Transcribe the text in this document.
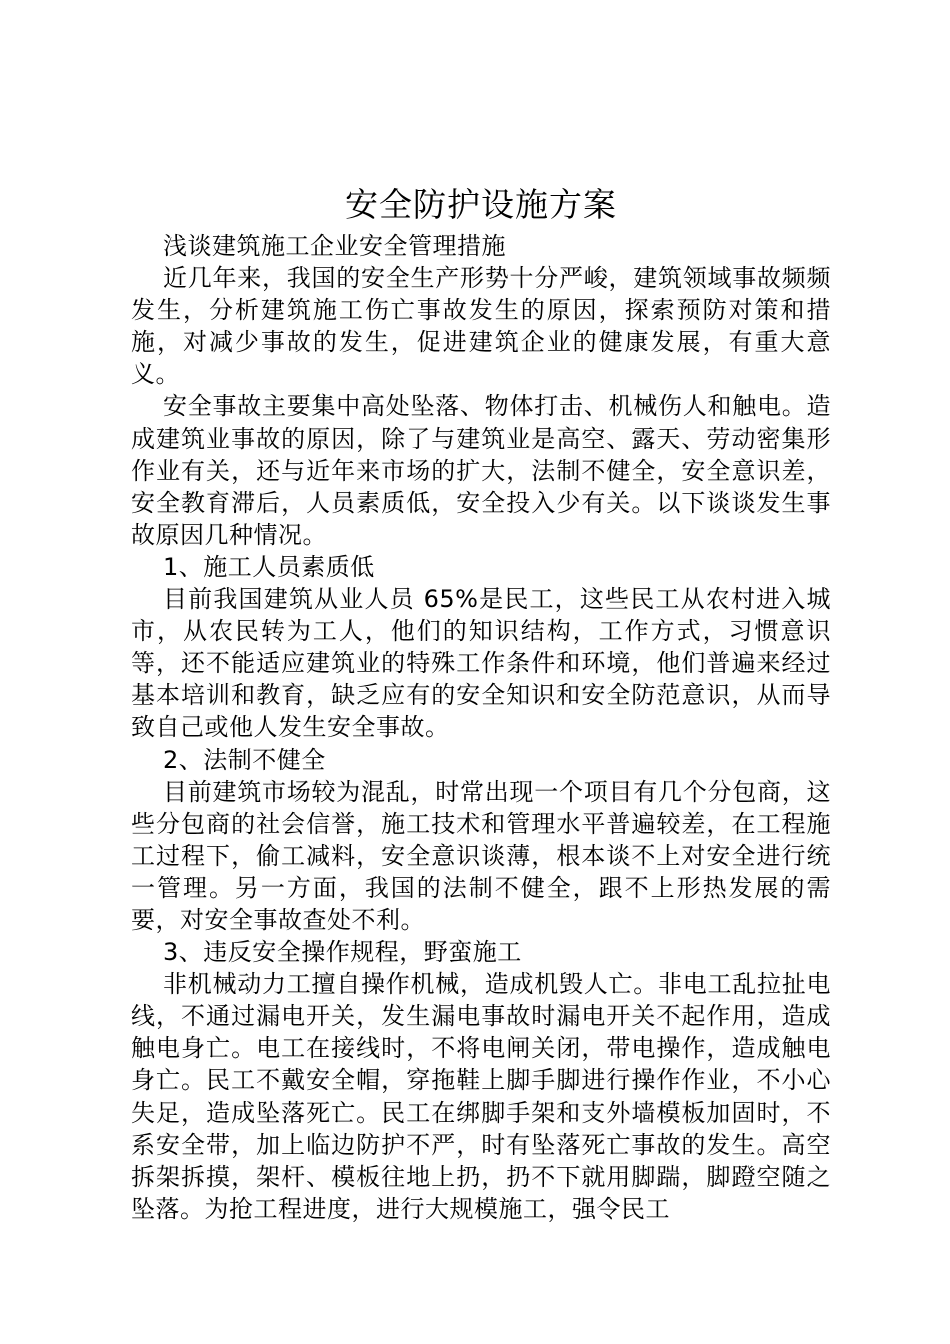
安全防护设施方案

浅谈建筑施工企业安全管理措施

近几年来，我国的安全生产形势十分严峻，建筑领域事故频频发生，分析建筑施工伤亡事故发生的原因，探索预防对策和措施，对减少事故的发生，促进建筑企业的健康发展，有重大意义。

安全事故主要集中高处坠落、物体打击、机械伤人和触电。造成建筑业事故的原因，除了与建筑业是高空、露天、劳动密集形作业有关，还与近年来市场的扩大，法制不健全，安全意识差，安全教育滞后，人员素质低，安全投入少有关。以下谈谈发生事故原因几种情况。

1、施工人员素质低

目前我国建筑从业人员 65%是民工，这些民工从农村进入城市，从农民转为工人，他们的知识结构，工作方式，习惯意识等，还不能适应建筑业的特殊工作条件和环境，他们普遍来经过基本培训和教育，缺乏应有的安全知识和安全防范意识，从而导致自己或他人发生安全事故。

2、法制不健全

目前建筑市场较为混乱，时常出现一个项目有几个分包商，这些分包商的社会信誉，施工技术和管理水平普遍较差，在工程施工过程下，偷工减料，安全意识谈薄，根本谈不上对安全进行统一管理。另一方面，我国的法制不健全，跟不上形热发展的需要，对安全事故查处不利。

3、违反安全操作规程，野蛮施工

非机械动力工擅自操作机械，造成机毁人亡。非电工乱拉扯电线，不通过漏电开关，发生漏电事故时漏电开关不起作用，造成触电身亡。电工在接线时，不将电闸关闭，带电操作，造成触电身亡。民工不戴安全帽，穿拖鞋上脚手脚进行操作作业，不小心失足，造成坠落死亡。民工在绑脚手架和支外墙模板加固时，不系安全带，加上临边防护不严，时有坠落死亡事故的发生。高空拆架拆摸，架杆、模板往地上扔，扔不下就用脚踹，脚蹬空随之坠落。为抢工程进度，进行大规模施工，强令民工
